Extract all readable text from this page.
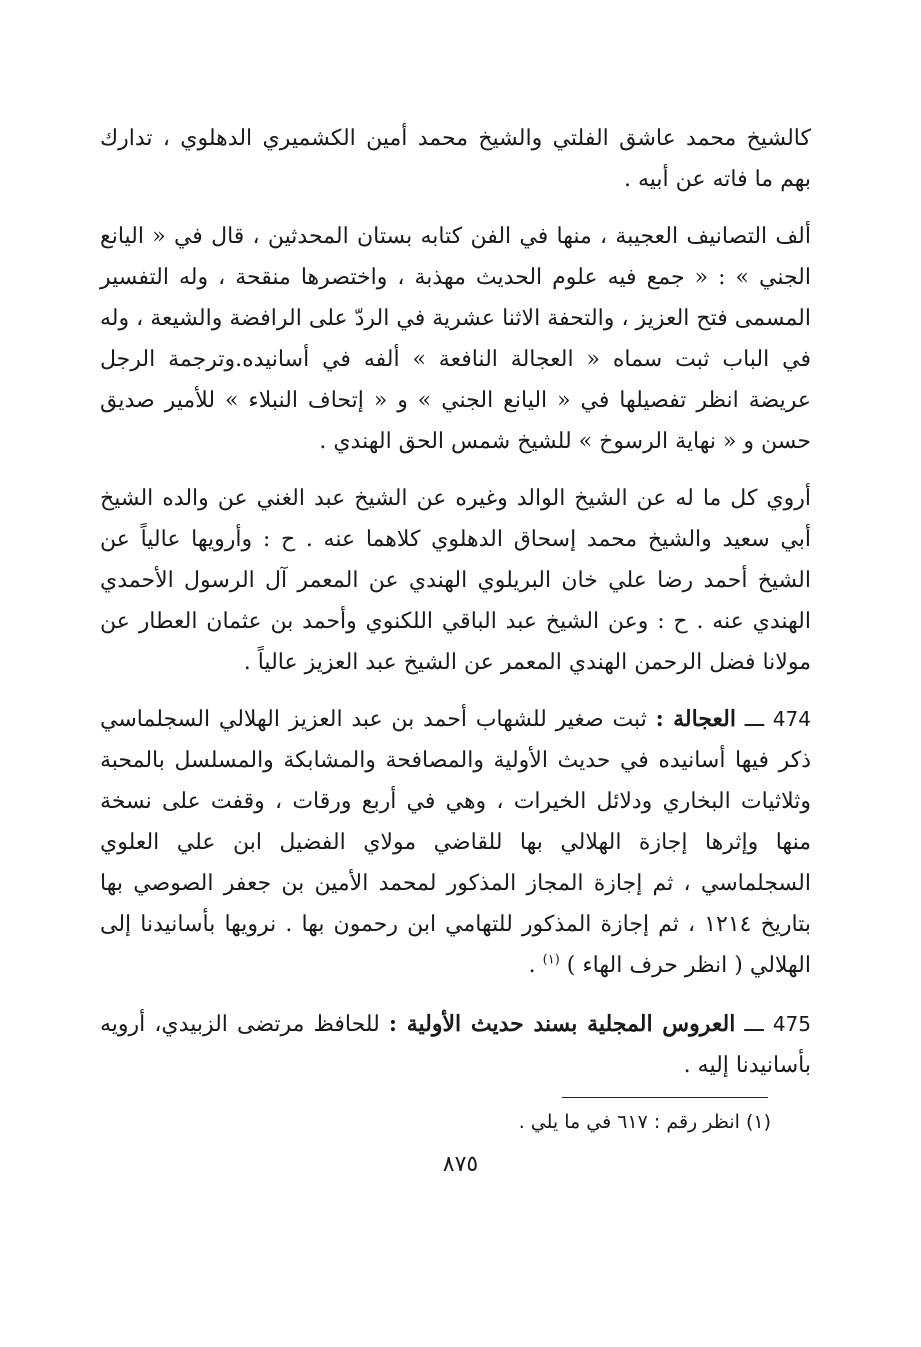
كالشيخ محمد عاشق الفلتي والشيخ محمد أمين الكشميري الدهلوي ، تدارك بهم ما فاته عن أبيه .

ألف التصانيف العجيبة ، منها في الفن كتابه بستان المحدثين ، قال في « اليانع الجني » : « جمع فيه علوم الحديث مهذبة ، واختصرها منقحة ، وله التفسير المسمى فتح العزيز ، والتحفة الاثنا عشرية في الردّ على الرافضة والشيعة ، وله في الباب ثبت سماه « العجالة النافعة » ألفه في أسانيده.وترجمة الرجل عريضة انظر تفصيلها في « اليانع الجني » و « إتحاف النبلاء » للأمير صديق حسن و « نهاية الرسوخ » للشيخ شمس الحق الهندي .

أروي كل ما له عن الشيخ الوالد وغيره عن الشيخ عبد الغني عن والده الشيخ أبي سعيد والشيخ محمد إسحاق الدهلوي كلاهما عنه . ح : وأرويها عالياً عن الشيخ أحمد رضا علي خان البريلوي الهندي عن المعمر آل الرسول الأحمدي الهندي عنه . ح : وعن الشيخ عبد الباقي اللكنوي وأحمد بن عثمان العطار عن مولانا فضل الرحمن الهندي المعمر عن الشيخ عبد العزيز عالياً .

474 ـــ العجالة : ثبت صغير للشهاب أحمد بن عبد العزيز الهلالي السجلماسي ذكر فيها أسانيده في حديث الأولية والمصافحة والمشابكة والمسلسل بالمحبة وثلاثيات البخاري ودلائل الخيرات ، وهي في أربع ورقات ، وقفت على نسخة منها وإثرها إجازة الهلالي بها للقاضي مولاي الفضيل ابن علي العلوي السجلماسي ، ثم إجازة المجاز المذكور لمحمد الأمين بن جعفر الصوصي بها بتاريخ ١٢١٤ ، ثم إجازة المذكور للتهامي ابن رحمون بها . نرويها بأسانيدنا إلى الهلالي ( انظر حرف الهاء ) $^{(١)}$ .

475 ـــ العروس المجلية بسند حديث الأولية : للحافظ مرتضى الزبيدي، أرويه بأسانيدنا إليه .

(١) انظر رقم : ٦١٧ في ما يلي .

٨٧٥
